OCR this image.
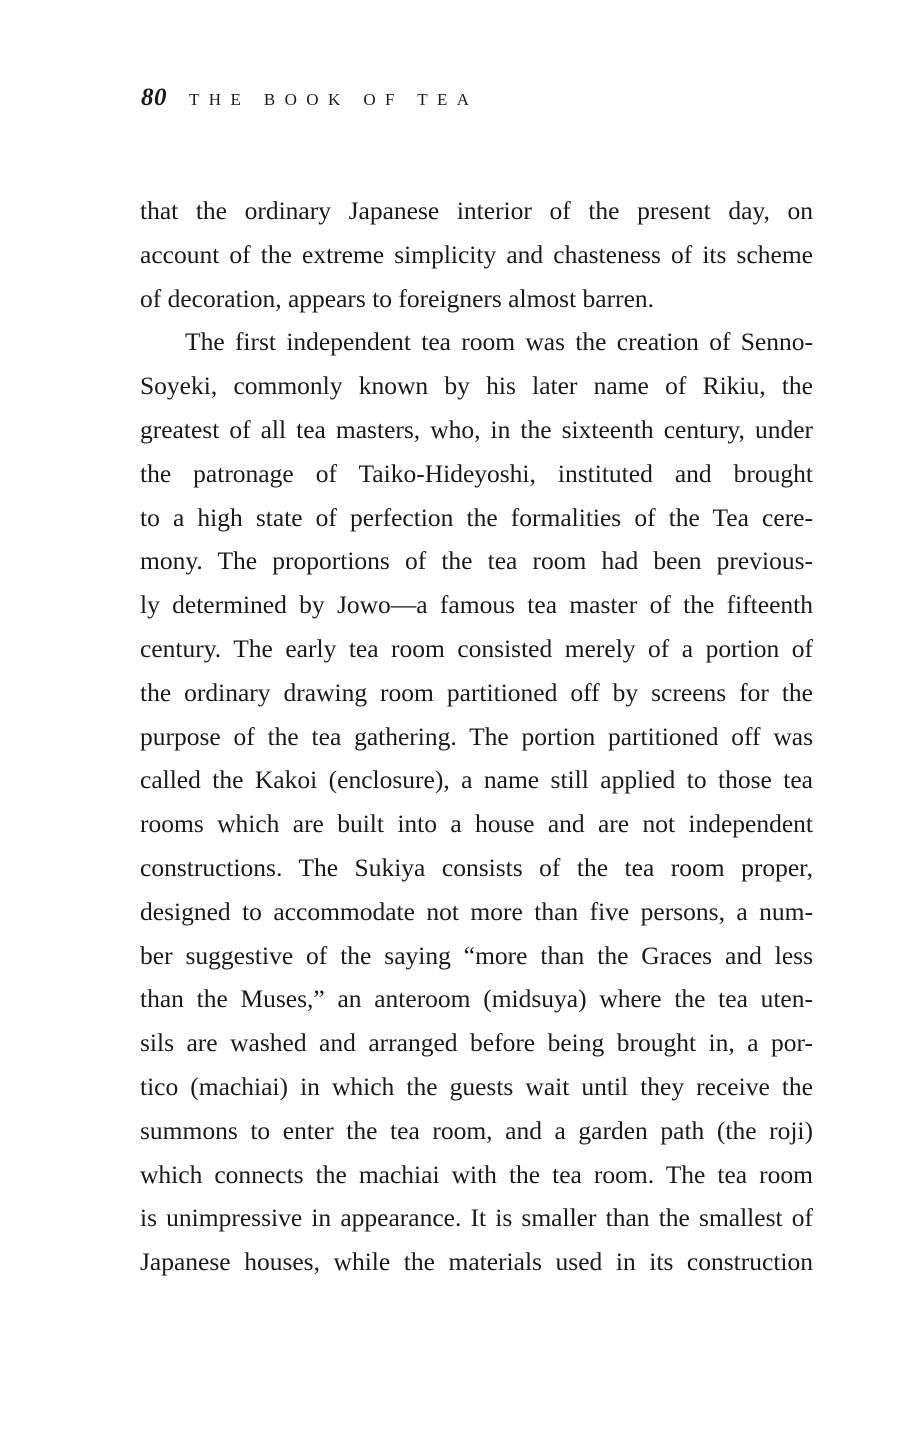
80 THE BOOK OF TEA
that the ordinary Japanese interior of the present day, on
account of the extreme simplicity and chasteness of its scheme
of decoration, appears to foreigners almost barren.
The first independent tea room was the creation of Senno-
Soyeki, commonly known by his later name of Rikiu, the
greatest of all tea masters, who, in the sixteenth century, under
the patronage of Taiko-Hideyoshi, instituted and brought
to a high state of perfection the formalities of the Tea cere-
mony. The proportions of the tea room had been previous-
ly determined by Jowo—a famous tea master of the fifteenth
century. The early tea room consisted merely of a portion of
the ordinary drawing room partitioned off by screens for the
purpose of the tea gathering. The portion partitioned off was
called the Kakoi (enclosure), a name still applied to those tea
rooms which are built into a house and are not independent
constructions. The Sukiya consists of the tea room proper,
designed to accommodate not more than five persons, a num-
ber suggestive of the saying “more than the Graces and less
than the Muses,” an anteroom (midsuya) where the tea uten-
sils are washed and arranged before being brought in, a por-
tico (machiai) in which the guests wait until they receive the
summons to enter the tea room, and a garden path (the roji)
which connects the machiai with the tea room. The tea room
is unimpressive in appearance. It is smaller than the smallest of
Japanese houses, while the materials used in its construction
